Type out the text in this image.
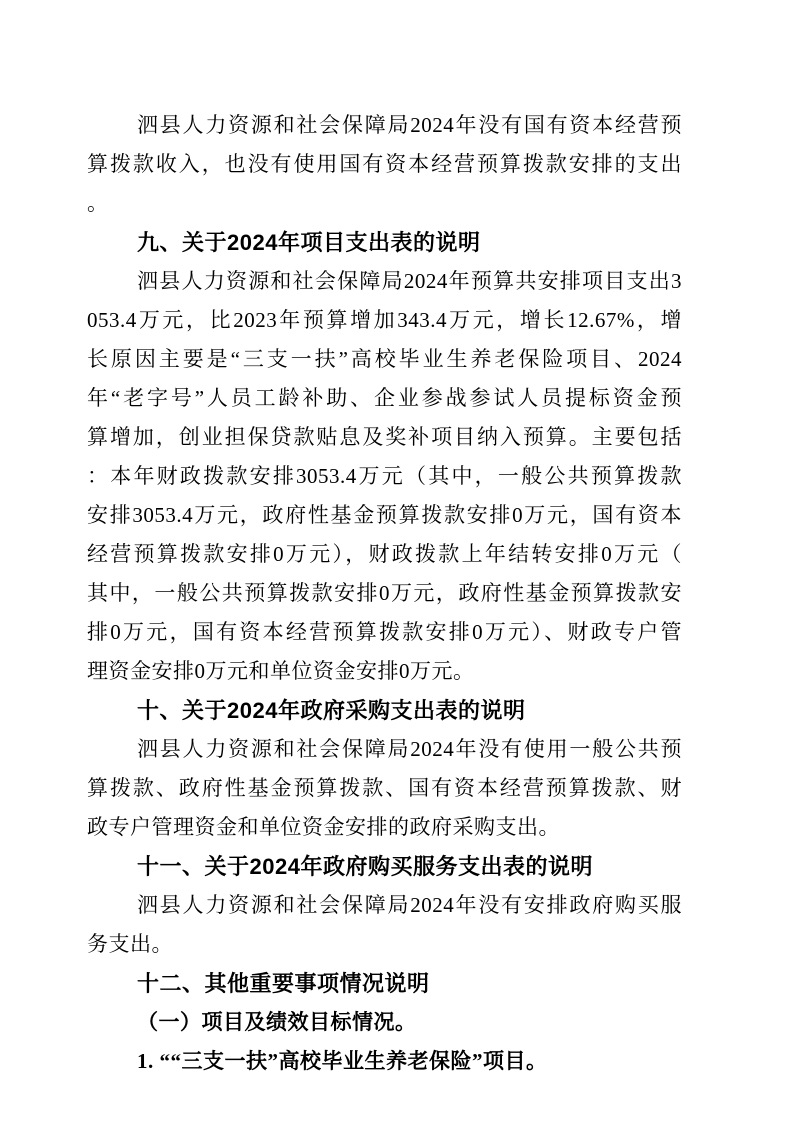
泗县人力资源和社会保障局2024年没有国有资本经营预
算拨款收入，也没有使用国有资本经营预算拨款安排的支出
。
九、关于2024年项目支出表的说明
泗县人力资源和社会保障局2024年预算共安排项目支出3
053.4万元，比2023年预算增加343.4万元，增长12.67%，增
长原因主要是“三支一扶”高校毕业生养老保险项目、2024
年“老字号”人员工龄补助、企业参战参试人员提标资金预
算增加，创业担保贷款贴息及奖补项目纳入预算。主要包括
：本年财政拨款安排3053.4万元（其中，一般公共预算拨款
安排3053.4万元，政府性基金预算拨款安排0万元，国有资本
经营预算拨款安排0万元），财政拨款上年结转安排0万元（
其中，一般公共预算拨款安排0万元，政府性基金预算拨款安
排0万元，国有资本经营预算拨款安排0万元）、财政专户管
理资金安排0万元和单位资金安排0万元。
十、关于2024年政府采购支出表的说明
泗县人力资源和社会保障局2024年没有使用一般公共预
算拨款、政府性基金预算拨款、国有资本经营预算拨款、财
政专户管理资金和单位资金安排的政府采购支出。
十一、关于2024年政府购买服务支出表的说明
泗县人力资源和社会保障局2024年没有安排政府购买服
务支出。
十二、其他重要事项情况说明
（一）项目及绩效目标情况。
1. ““三支一扶”高校毕业生养老保险”项目。
